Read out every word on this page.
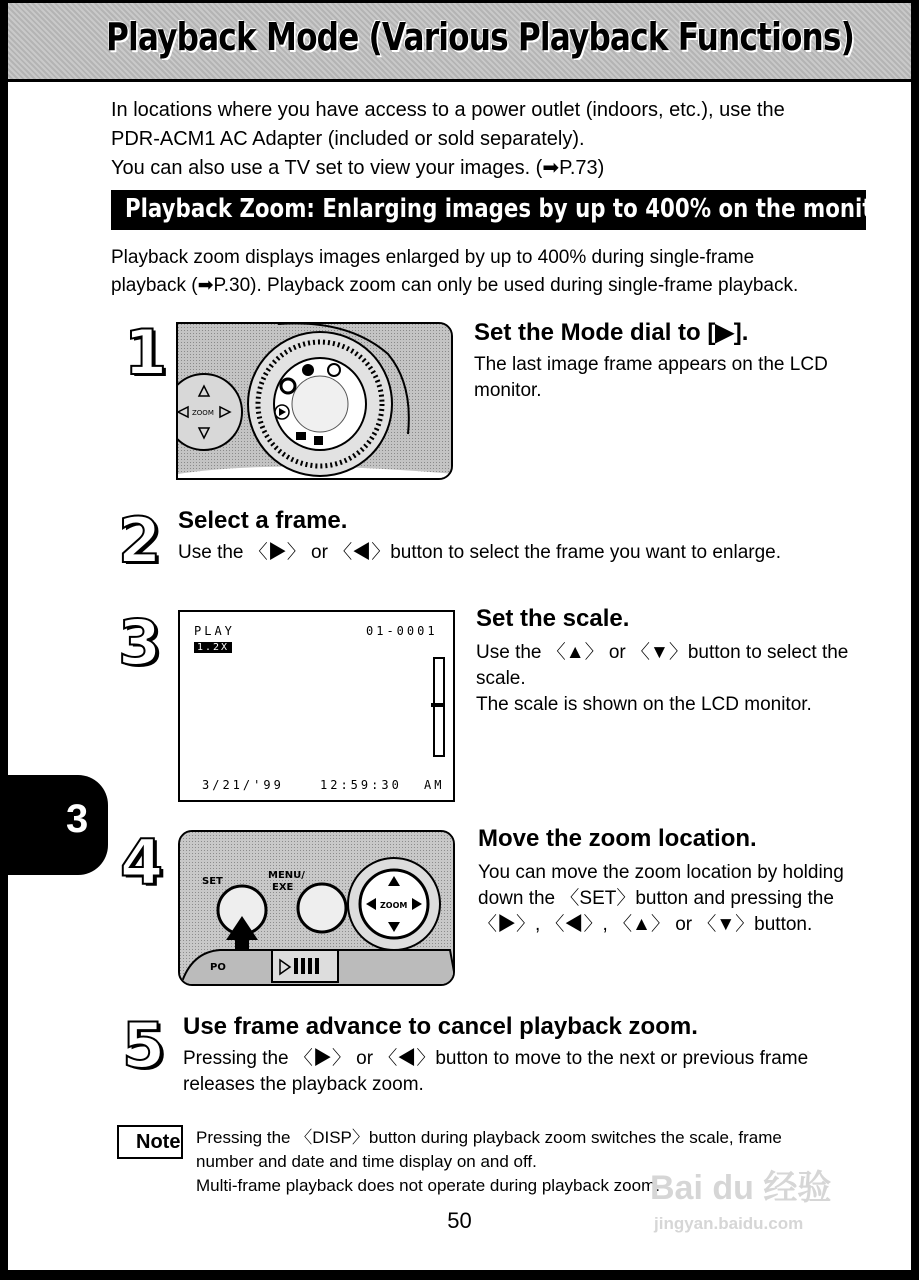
Playback Mode (Various Playback Functions)

In locations where you have access to a power outlet (indoors, etc.), use the

PDR-ACM1 AC Adapter (included or sold separately).

You can also use a TV set to view your images. (➡P.73)

Playback Zoom: Enlarging images by up to 400% on the monitor
Playback zoom displays images enlarged by up to 400% during single-frame
playback (➡P.30). Playback zoom can only be used during single-frame playback.
1
ZOOM
Set the Mode dial to [▶].
The last image frame appears on the LCD
monitor.
2 Select a frame.
Use the 〈▶〉 or 〈◀〉button to select the frame you want to enlarge.
3	PLAY	01-0001
1.2X
3/21/'99	12:59:30 AM
Set the scale.
Use the 〈▲〉 or 〈▼〉button to select the
scale.
The scale is shown on the LCD monitor.
3
4	SET
MENU/
EXE
ZOOM
PO
Move the zoom location.
You can move the zoom location by holding
down the 〈SET〉button and pressing the
〈▶〉, 〈◀〉, 〈▲〉 or 〈▼〉button.
5 Use frame advance to cancel playback zoom.
Pressing the 〈▶〉 or 〈◀〉button to move to the next or previous frame
releases the playback zoom.
Note Pressing the 〈DISP〉button during playback zoom switches the scale, frame
number and date and time display on and off.
Multi-frame playback does not operate during playback zoom.
50
Bai du 经验
jingyan.baidu.com
